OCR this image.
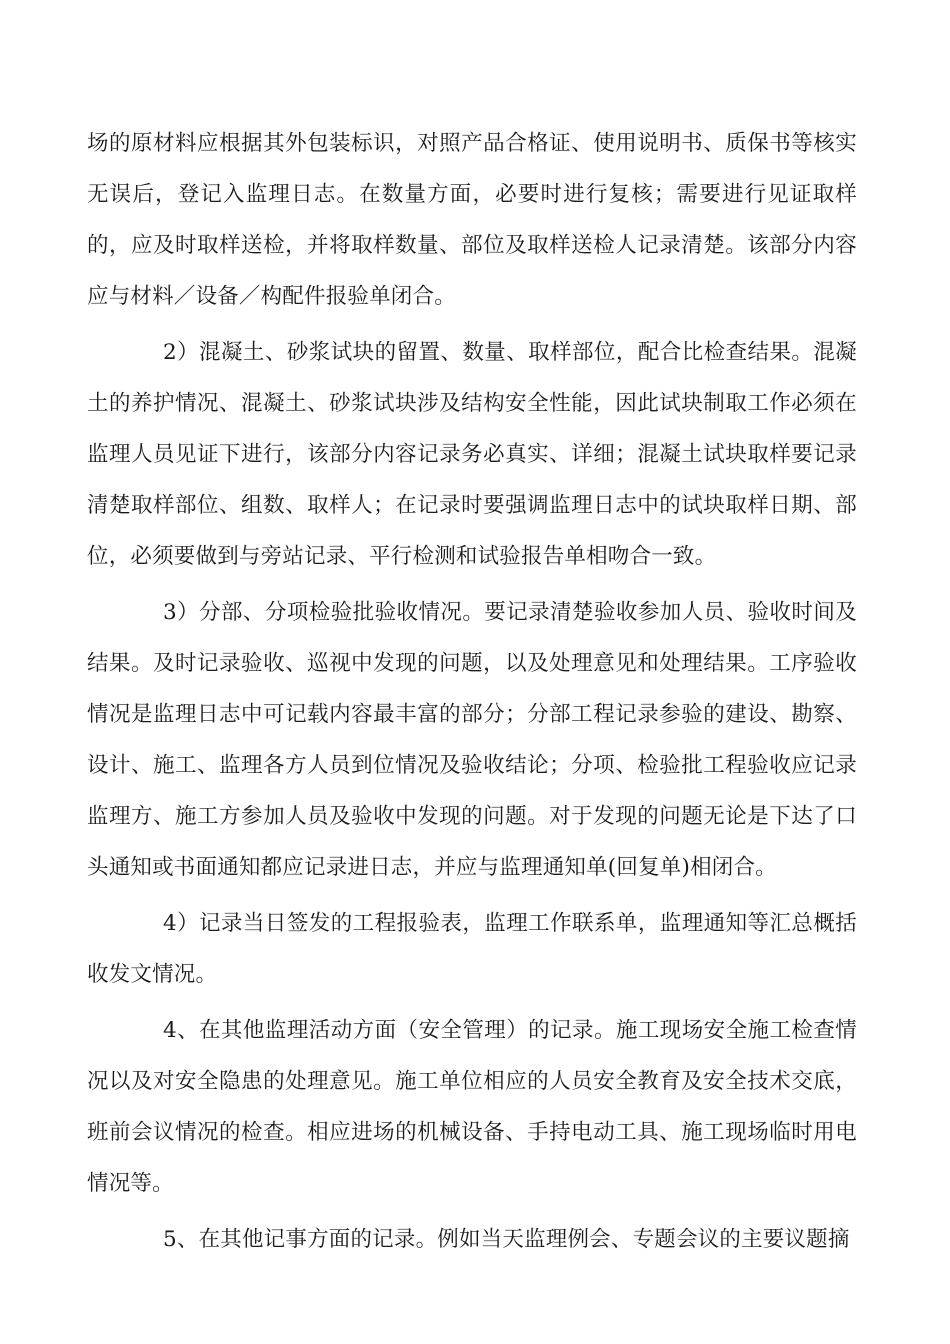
场的原材料应根据其外包装标识，对照产品合格证、使用说明书、质保书等核实无误后，登记入监理日志。在数量方面，必要时进行复核；需要进行见证取样的，应及时取样送检，并将取样数量、部位及取样送检人记录清楚。该部分内容应与材料／设备／构配件报验单闭合。

2）混凝土、砂浆试块的留置、数量、取样部位，配合比检查结果。混凝土的养护情况、混凝土、砂浆试块涉及结构安全性能，因此试块制取工作必须在监理人员见证下进行，该部分内容记录务必真实、详细；混凝土试块取样要记录清楚取样部位、组数、取样人；在记录时要强调监理日志中的试块取样日期、部位，必须要做到与旁站记录、平行检测和试验报告单相吻合一致。

3）分部、分项检验批验收情况。要记录清楚验收参加人员、验收时间及结果。及时记录验收、巡视中发现的问题，以及处理意见和处理结果。工序验收情况是监理日志中可记载内容最丰富的部分；分部工程记录参验的建设、勘察、设计、施工、监理各方人员到位情况及验收结论；分项、检验批工程验收应记录监理方、施工方参加人员及验收中发现的问题。对于发现的问题无论是下达了口头通知或书面通知都应记录进日志，并应与监理通知单(回复单)相闭合。

4）记录当日签发的工程报验表，监理工作联系单，监理通知等汇总概括收发文情况。

4、在其他监理活动方面（安全管理）的记录。施工现场安全施工检查情况以及对安全隐患的处理意见。施工单位相应的人员安全教育及安全技术交底，班前会议情况的检查。相应进场的机械设备、手持电动工具、施工现场临时用电情况等。

5、在其他记事方面的记录。例如当天监理例会、专题会议的主要议题摘
